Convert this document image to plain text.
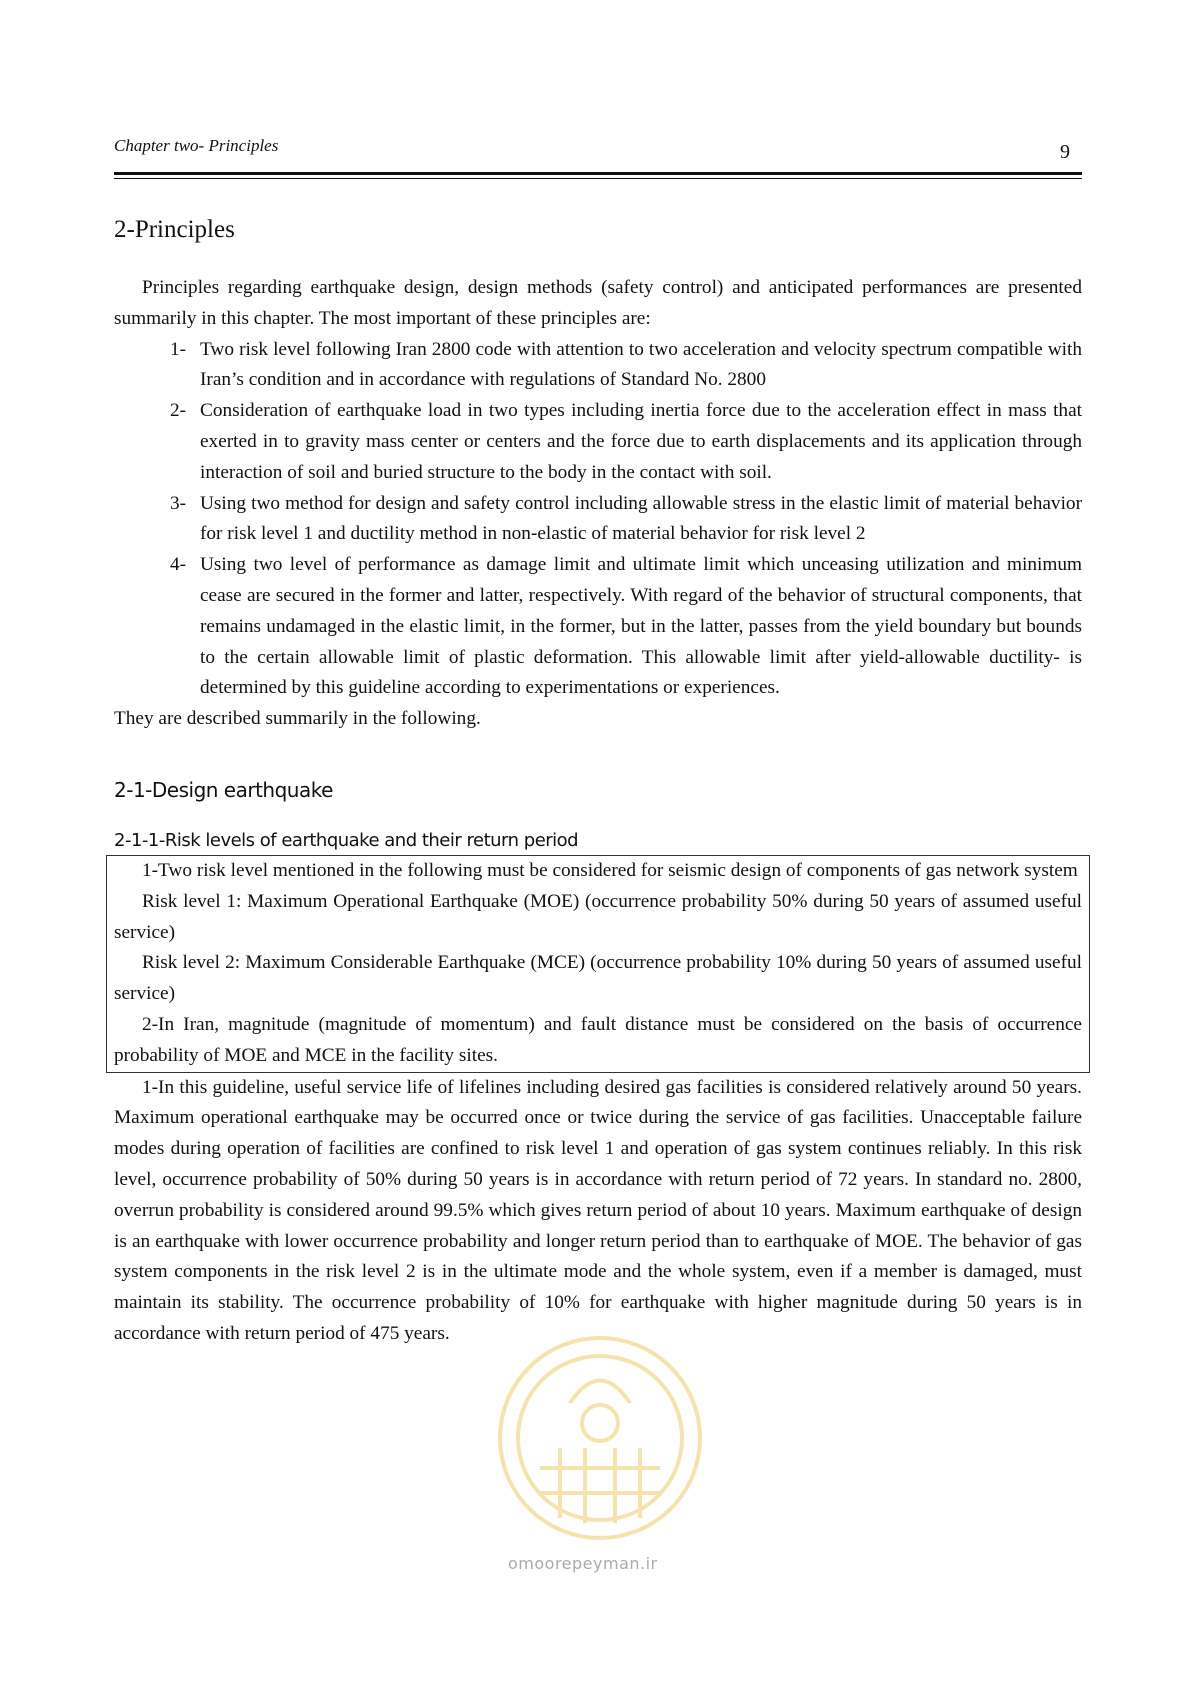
Chapter two- Principles	9
2-Principles

Principles regarding earthquake design, design methods (safety control) and anticipated performances are presented summarily in this chapter. The most important of these principles are:

1- Two risk level following Iran 2800 code with attention to two acceleration and velocity spectrum compatible with Iran’s condition and in accordance with regulations of Standard No. 2800
2- Consideration of earthquake load in two types including inertia force due to the acceleration effect in mass that exerted in to gravity mass center or centers and the force due to earth displacements and its application through interaction of soil and buried structure to the body in the contact with soil.
3- Using two method for design and safety control including allowable stress in the elastic limit of material behavior for risk level 1 and ductility method in non-elastic of material behavior for risk level 2
4- Using two level of performance as damage limit and ultimate limit which unceasing utilization and minimum cease are secured in the former and latter, respectively. With regard of the behavior of structural components, that remains undamaged in the elastic limit, in the former, but in the latter, passes from the yield boundary but bounds to the certain allowable limit of plastic deformation. This allowable limit after yield-allowable ductility- is determined by this guideline according to experimentations or experiences.

They are described summarily in the following.

2-1-Design earthquake
2-1-1-Risk levels of earthquake and their return period

1-Two risk level mentioned in the following must be considered for seismic design of components of gas network system

Risk level 1: Maximum Operational Earthquake (MOE) (occurrence probability 50% during 50 years of assumed useful service)

Risk level 2: Maximum Considerable Earthquake (MCE) (occurrence probability 10% during 50 years of assumed useful service)

2-In Iran, magnitude (magnitude of momentum) and fault distance must be considered on the basis of occurrence probability of MOE and MCE in the facility sites.

1-In this guideline, useful service life of lifelines including desired gas facilities is considered relatively around 50 years. Maximum operational earthquake may be occurred once or twice during the service of gas facilities. Unacceptable failure modes during operation of facilities are confined to risk level 1 and operation of gas system continues reliably. In this risk level, occurrence probability of 50% during 50 years is in accordance with return period of 72 years. In standard no. 2800, overrun probability is considered around 99.5% which gives return period of about 10 years. Maximum earthquake of design is an earthquake with lower occurrence probability and longer return period than to earthquake of MOE. The behavior of gas system components in the risk level 2 is in the ultimate mode and the whole system, even if a member is damaged, must maintain its stability. The occurrence probability of 10% for earthquake with higher magnitude during 50 years is in accordance with return period of 475 years.

omoorepeyman.ir
